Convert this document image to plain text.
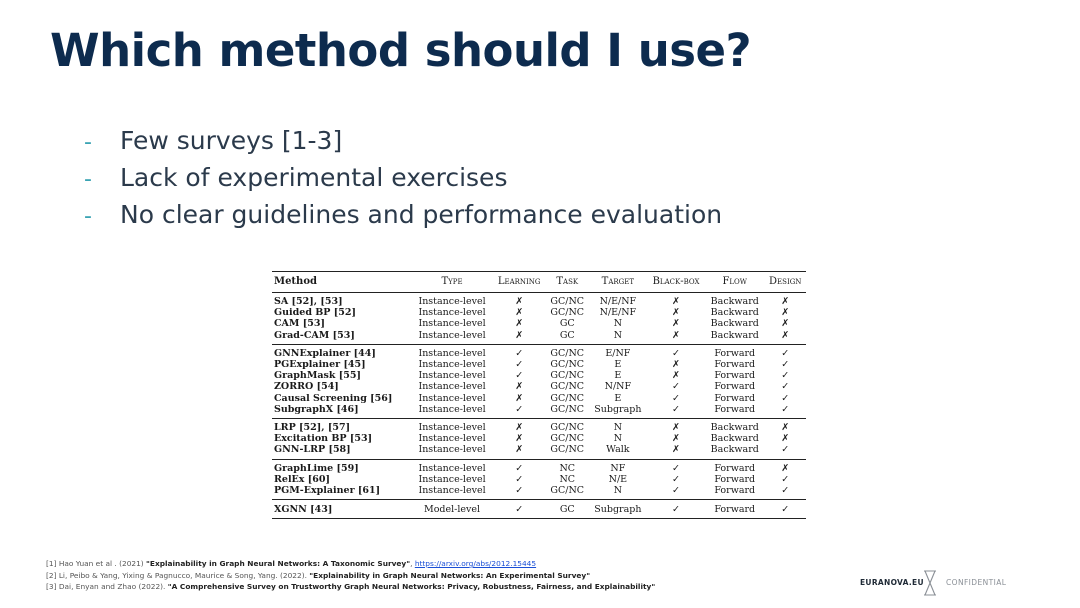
Which method should I use?
-	Few surveys [1-3]
-	Lack of experimental exercises
-	No clear guidelines and performance evaluation
Method	Type	Learning	Task	Target	Black-box	Flow	Design
SA [52], [53]	Instance-level	✗	GC/NC	N/E/NF	✗	Backward	✗
Guided BP [52]	Instance-level	✗	GC/NC	N/E/NF	✗	Backward	✗
CAM [53]	Instance-level	✗	GC	N	✗	Backward	✗
Grad-CAM [53]	Instance-level	✗	GC	N	✗	Backward	✗
GNNExplainer [44]	Instance-level	✓	GC/NC	E/NF	✓	Forward	✓
PGExplainer [45]	Instance-level	✓	GC/NC	E	✗	Forward	✓
GraphMask [55]	Instance-level	✓	GC/NC	E	✗	Forward	✓
ZORRO [54]	Instance-level	✗	GC/NC	N/NF	✓	Forward	✓
Causal Screening [56]	Instance-level	✗	GC/NC	E	✓	Forward	✓
SubgraphX [46]	Instance-level	✓	GC/NC	Subgraph	✓	Forward	✓
LRP [52], [57]	Instance-level	✗	GC/NC	N	✗	Backward	✗
Excitation BP [53]	Instance-level	✗	GC/NC	N	✗	Backward	✗
GNN-LRP [58]	Instance-level	✗	GC/NC	Walk	✗	Backward	✓
GraphLime [59]	Instance-level	✓	NC	NF	✓	Forward	✗
RelEx [60]	Instance-level	✓	NC	N/E	✓	Forward	✓
PGM-Explainer [61]	Instance-level	✓	GC/NC	N	✓	Forward	✓
XGNN [43]	Model-level	✓	GC	Subgraph	✓	Forward	✓
[1] Hao Yuan et al . (2021) "Explainability in Graph Neural Networks: A Taxonomic Survey", https://arxiv.org/abs/2012.15445
[2] Li, Peibo & Yang, Yixing & Pagnucco, Maurice & Song, Yang. (2022). "Explainability in Graph Neural Networks: An Experimental Survey"
[3] Dai, Enyan and Zhao (2022). "A Comprehensive Survey on Trustworthy Graph Neural Networks: Privacy, Robustness, Fairness, and Explainability"	EURANOVA.EU	CONFIDENTIAL
